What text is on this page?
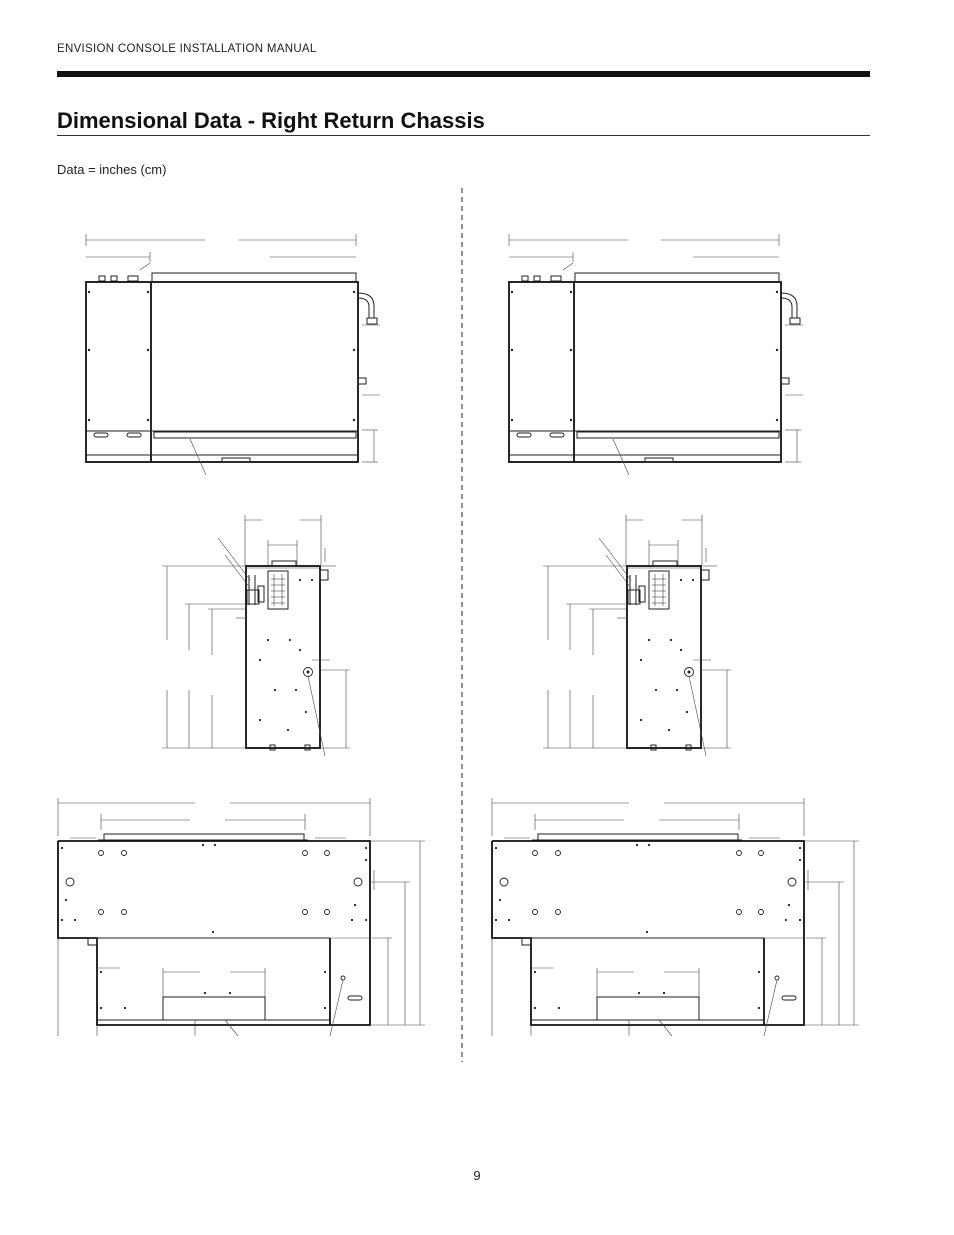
ENVISION CONSOLE INSTALLATION MANUAL
Dimensional Data - Right Return Chassis
Data = inches (cm)
9
